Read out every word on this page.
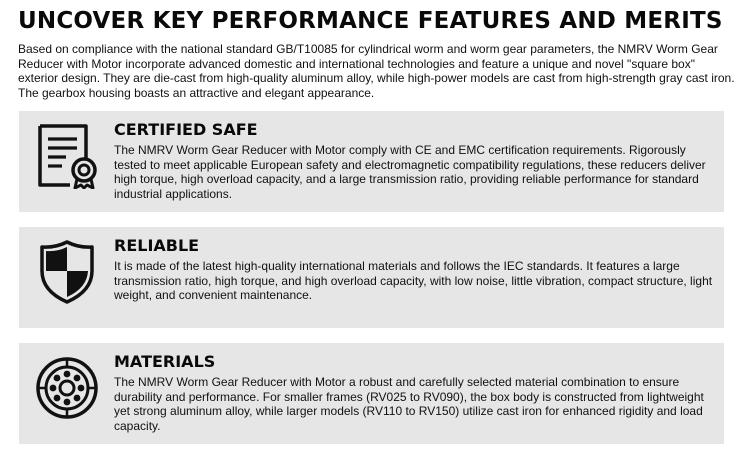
UNCOVER KEY PERFORMANCE FEATURES AND MERITS
Based on compliance with the national standard GB/T10085 for cylindrical worm and worm gear parameters, the NMRV Worm Gear Reducer with Motor incorporate advanced domestic and international technologies and feature a unique and novel "square box" exterior design. They are die-cast from high-quality aluminum alloy, while high-power models are cast from high-strength gray cast iron. The gearbox housing boasts an attractive and elegant appearance.
CERTIFIED SAFE
The NMRV Worm Gear Reducer with Motor comply with CE and EMC certification requirements. Rigorously tested to meet applicable European safety and electromagnetic compatibility regulations, these reducers deliver high torque, high overload capacity, and a large transmission ratio, providing reliable performance for standard industrial applications.
RELIABLE
It is made of the latest high-quality international materials and follows the IEC standards. It features a large transmission ratio, high torque, and high overload capacity, with low noise, little vibration, compact structure, light weight, and convenient maintenance.
MATERIALS
The NMRV Worm Gear Reducer with Motor a robust and carefully selected material combination to ensure durability and performance. For smaller frames (RV025 to RV090), the box body is constructed from lightweight yet strong aluminum alloy, while larger models (RV110 to RV150) utilize cast iron for enhanced rigidity and load capacity.
